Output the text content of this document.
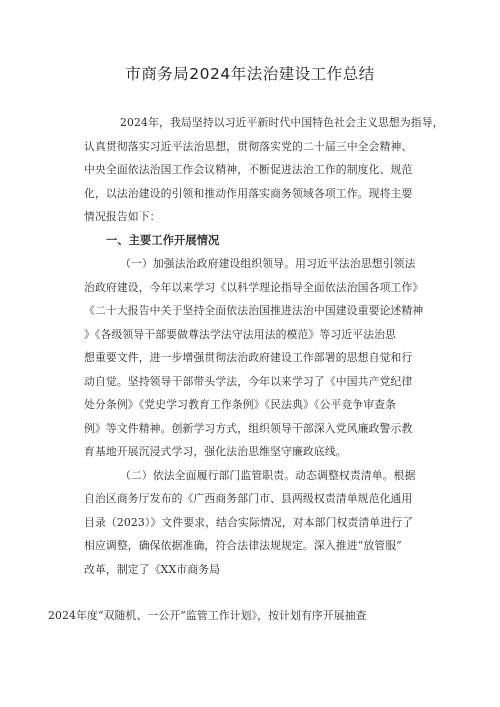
市商务局2024年法治建设工作总结
2024年，我局坚持以习近平新时代中国特色社会主义思想为指导，
认真贯彻落实习近平法治思想，贯彻落实党的二十届三中全会精神、
中央全面依法治国工作会议精神，不断促进法治工作的制度化、规范
化，以法治建设的引领和推动作用落实商务领域各项工作。现将主要
情况报告如下：
一、主要工作开展情况
（一）加强法治政府建设组织领导。用习近平法治思想引领法
治政府建设，今年以来学习《以科学理论指导全面依法治国各项工作》
《二十大报告中关于坚持全面依法治国推进法治中国建设重要论述精神
》《各级领导干部要做尊法学法守法用法的模范》等习近平法治思
想重要文件，进一步增强贯彻法治政府建设工作部署的思想自觉和行
动自觉。坚持领导干部带头学法，今年以来学习了《中国共产党纪律
处分条例》《党史学习教育工作条例》《民法典》《公平竞争审查条
例》等文件精神。创新学习方式，组织领导干部深入党风廉政警示教
育基地开展沉浸式学习，强化法治思维坚守廉政底线。
（二）依法全面履行部门监管职责。动态调整权责清单。根据
自治区商务厅发布的《广西商务部门市、县两级权责清单规范化通用
目录（2023）》文件要求，结合实际情况，对本部门权责清单进行了
相应调整，确保依据准确，符合法律法规规定。深入推进“放管服”
改革，制定了《XX市商务局
2024年度“双随机、一公开”监管工作计划》，按计划有序开展抽查
